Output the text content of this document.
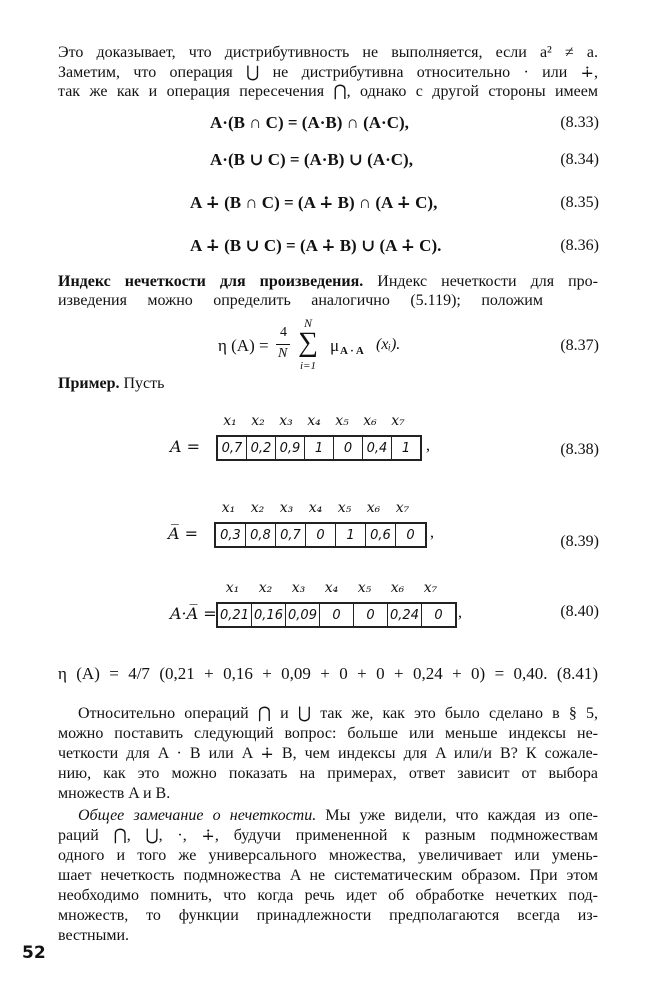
Это доказывает, что дистрибутивность не выполняется, если a² ≠ a.
Заметим, что операция ⋃ не дистрибутивна относительно · или ∔,
так же как и операция пересечения ⋂, однако с другой стороны имеем
A·(B ∩ C) = (A·B) ∩ (A·C),	(8.33)
A·(B ∪ C) = (A·B) ∪ (A·C),	(8.34)
A ∔ (B ∩ C) = (A ∔ B) ∩ (A ∔ C),	(8.35)
A ∔ (B ∪ C) = (A ∔ B) ∪ (A ∔ C).	(8.36)
Индекс нечеткости для произведения. Индекс нечеткости для про-
изведения можно определить аналогично (5.119); положим
η (A) =
4
N
N
∑
i=1
μ A · A (xᵢ).	(8.37)
Пример. Пусть
A =
x₁ x₂ x₃ x₄ x₅ x₆ x₇
0,7	0,2	0,9	1	0	0,4	1 ,	(8.38)
A̅ =
x₁ x₂ x₃ x₄ x₅ x₆ x₇
0,3	0,8	0,7	0	1	0,6	0 ,
(8.39)
A·A̅ =
x₁ x₂ x₃ x₄ x₅ x₆ x₇
0,21	0,16	0,09	0	0	0,24	0 ,	(8.40)
η (A) = 4/7 (0,21 + 0,16 + 0,09 + 0 + 0 + 0,24 + 0) = 0,40. (8.41)
Относительно операций ⋂ и ⋃ так же, как это было сделано в § 5,
можно поставить следующий вопрос: больше или меньше индексы не-
четкости для A · B или A ∔ B, чем индексы для A или/и B? К сожале-
нию, как это можно показать на примерах, ответ зависит от выбора
множеств A и B.
Общее замечание о нечеткости. Мы уже видели, что каждая из опе-
раций ⋂, ⋃, ·, ∔, будучи примененной к разным подмножествам
одного и того же универсального множества, увеличивает или умень-
шает нечеткость подмножества A не систематическим образом. При этом
необходимо помнить, что когда речь идет об обработке нечетких под-
множеств, то функции принадлежности предполагаются всегда из-
вестными.
52
